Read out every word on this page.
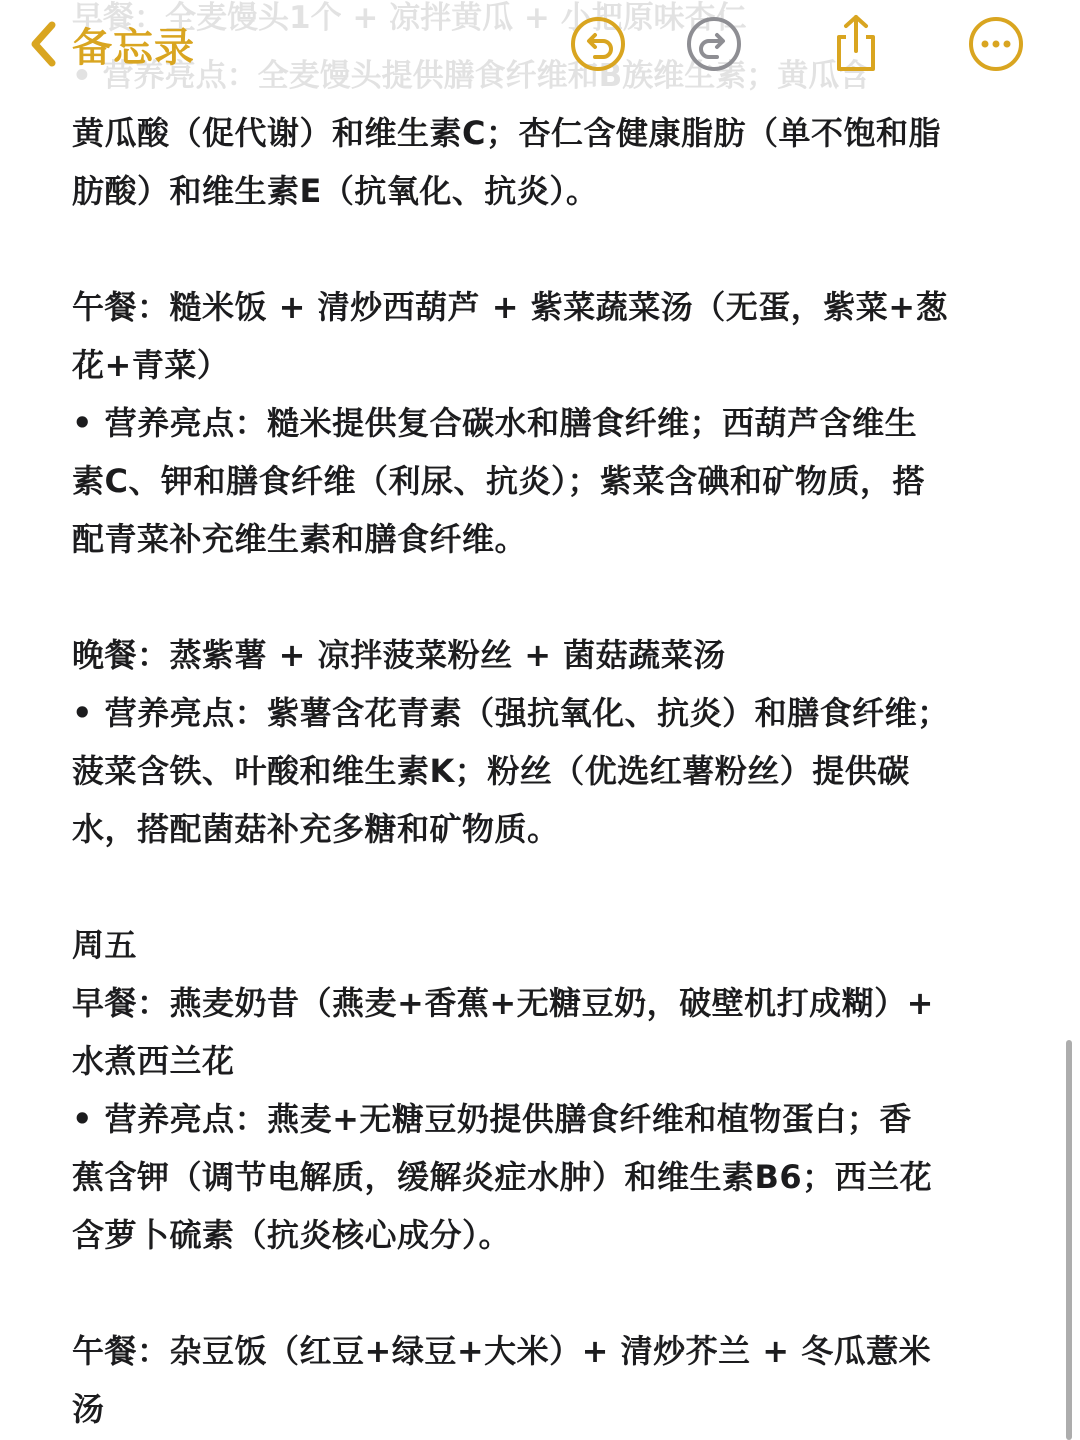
早餐：全麦馒头1个 + 凉拌黄瓜 + 小把原味杏仁
• 营养亮点：全麦馒头提供膳食纤维和B族维生素；黄瓜含
备忘录

黄瓜酸（促代谢）和维生素C；杏仁含健康脂肪（单不饱和脂

肪酸）和维生素E（抗氧化、抗炎）。

午餐：糙米饭 + 清炒西葫芦 + 紫菜蔬菜汤（无蛋，紫菜+葱

花+青菜）

• 营养亮点：糙米提供复合碳水和膳食纤维；西葫芦含维生

素C、钾和膳食纤维（利尿、抗炎）；紫菜含碘和矿物质，搭

配青菜补充维生素和膳食纤维。

晚餐：蒸紫薯 + 凉拌菠菜粉丝 + 菌菇蔬菜汤

• 营养亮点：紫薯含花青素（强抗氧化、抗炎）和膳食纤维；

菠菜含铁、叶酸和维生素K；粉丝（优选红薯粉丝）提供碳

水，搭配菌菇补充多糖和矿物质。

周五

早餐：燕麦奶昔（燕麦+香蕉+无糖豆奶，破壁机打成糊）+

水煮西兰花

• 营养亮点：燕麦+无糖豆奶提供膳食纤维和植物蛋白；香

蕉含钾（调节电解质，缓解炎症水肿）和维生素B6；西兰花

含萝卜硫素（抗炎核心成分）。

午餐：杂豆饭（红豆+绿豆+大米）+ 清炒芥兰 + 冬瓜薏米

汤
